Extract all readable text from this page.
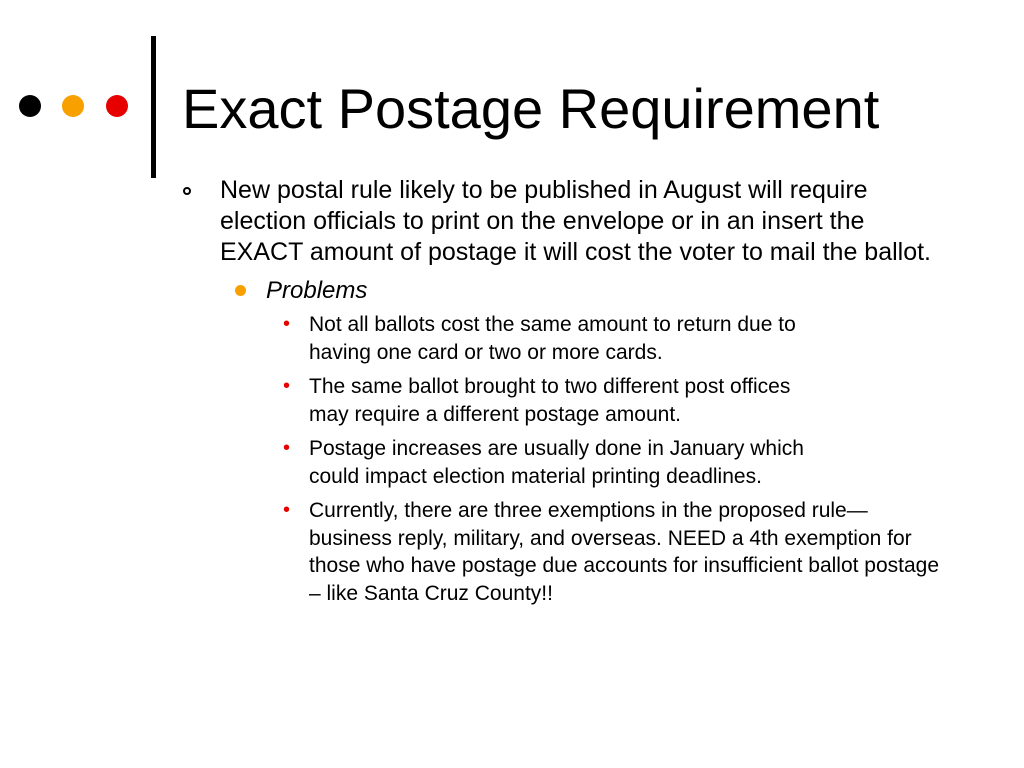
Exact Postage Requirement
New postal rule likely to be published in August will require election officials to print on the envelope or in an insert the EXACT amount of postage it will cost the voter to mail the ballot.
Problems
• Not all ballots cost the same amount to return due to having one card or two or more cards.
• The same ballot brought to two different post offices may require a different postage amount.
• Postage increases are usually done in January which could impact election material printing deadlines.
• Currently, there are three exemptions in the proposed rule—business reply, military, and overseas. NEED a 4th exemption for those who have postage due accounts for insufficient ballot postage – like Santa Cruz County!!
